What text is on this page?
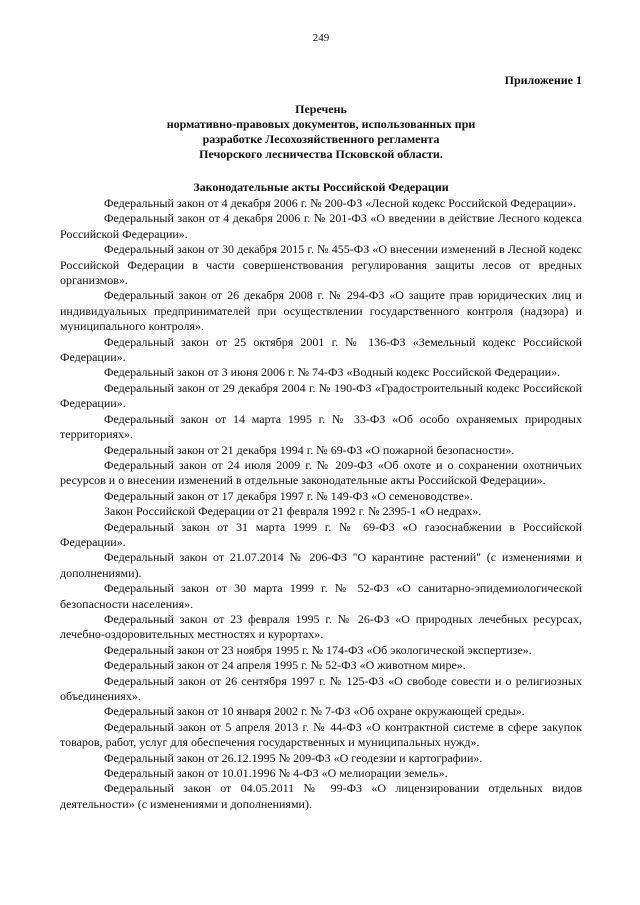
249
Приложение 1
Перечень
нормативно-правовых документов, использованных при
разработке Лесохозяйственного регламента
Печорского лесничества Псковской области.
Законодательные акты Российской Федерации

Федеральный закон от 4 декабря 2006 г. № 200-ФЗ «Лесной кодекс Российской Федерации».

Федеральный закон от 4 декабря 2006 г. № 201-ФЗ «О введении в действие Лесного кодекса Российской Федерации».

Федеральный закон от 30 декабря 2015 г. № 455-ФЗ «О внесении изменений в Лесной кодекс Российской Федерации в части совершенствования регулирования защиты лесов от вредных организмов».

Федеральный закон от 26 декабря 2008 г. № 294-ФЗ «О защите прав юридических лиц и индивидуальных предпринимателей при осуществлении государственного контроля (надзора) и муниципального контроля».

Федеральный закон от 25 октября 2001 г. № 136-ФЗ «Земельный кодекс Российской Федерации».

Федеральный закон от 3 июня 2006 г. № 74-ФЗ «Водный кодекс Российской Федерации».

Федеральный закон от 29 декабря 2004 г. № 190-ФЗ «Градостроительный кодекс Российской Федерации».

Федеральный закон от 14 марта 1995 г. № 33-ФЗ «Об особо охраняемых природных территориях».

Федеральный закон от 21 декабря 1994 г. № 69-ФЗ «О пожарной безопасности».

Федеральный закон от 24 июля 2009 г. № 209-ФЗ «Об охоте и о сохранении охотничьих ресурсов и о внесении изменений в отдельные законодательные акты Российской Федерации».

Федеральный закон от 17 декабря 1997 г. № 149-ФЗ «О семеноводстве».

Закон Российской Федерации от 21 февраля 1992 г. № 2395-1 «О недрах».

Федеральный закон от 31 марта 1999 г. № 69-ФЗ «О газоснабжении в Российской Федерации».

Федеральный закон от 21.07.2014 № 206-ФЗ "О карантине растений" (с изменениями и дополнениями).

Федеральный закон от 30 марта 1999 г. № 52-ФЗ «О санитарно-эпидемиологической безопасности населения».

Федеральный закон от 23 февраля 1995 г. № 26-ФЗ «О природных лечебных ресурсах, лечебно-оздоровительных местностях и курортах».

Федеральный закон от 23 ноября 1995 г. № 174-ФЗ «Об экологической экспертизе».

Федеральный закон от 24 апреля 1995 г. № 52-ФЗ «О животном мире».

Федеральный закон от 26 сентября 1997 г. № 125-ФЗ «О свободе совести и о религиозных объединениях».

Федеральный закон от 10 января 2002 г. № 7-ФЗ «Об охране окружающей среды».

Федеральный закон от 5 апреля 2013 г. № 44-ФЗ «О контрактной системе в сфере закупок товаров, работ, услуг для обеспечения государственных и муниципальных нужд».

Федеральный закон от 26.12.1995 № 209-ФЗ «О геодезии и картографии».

Федеральный закон от 10.01.1996 № 4-ФЗ «О мелиорации земель».

Федеральный закон от 04.05.2011 № 99-ФЗ «О лицензировании отдельных видов деятельности» (с изменениями и дополнениями).
